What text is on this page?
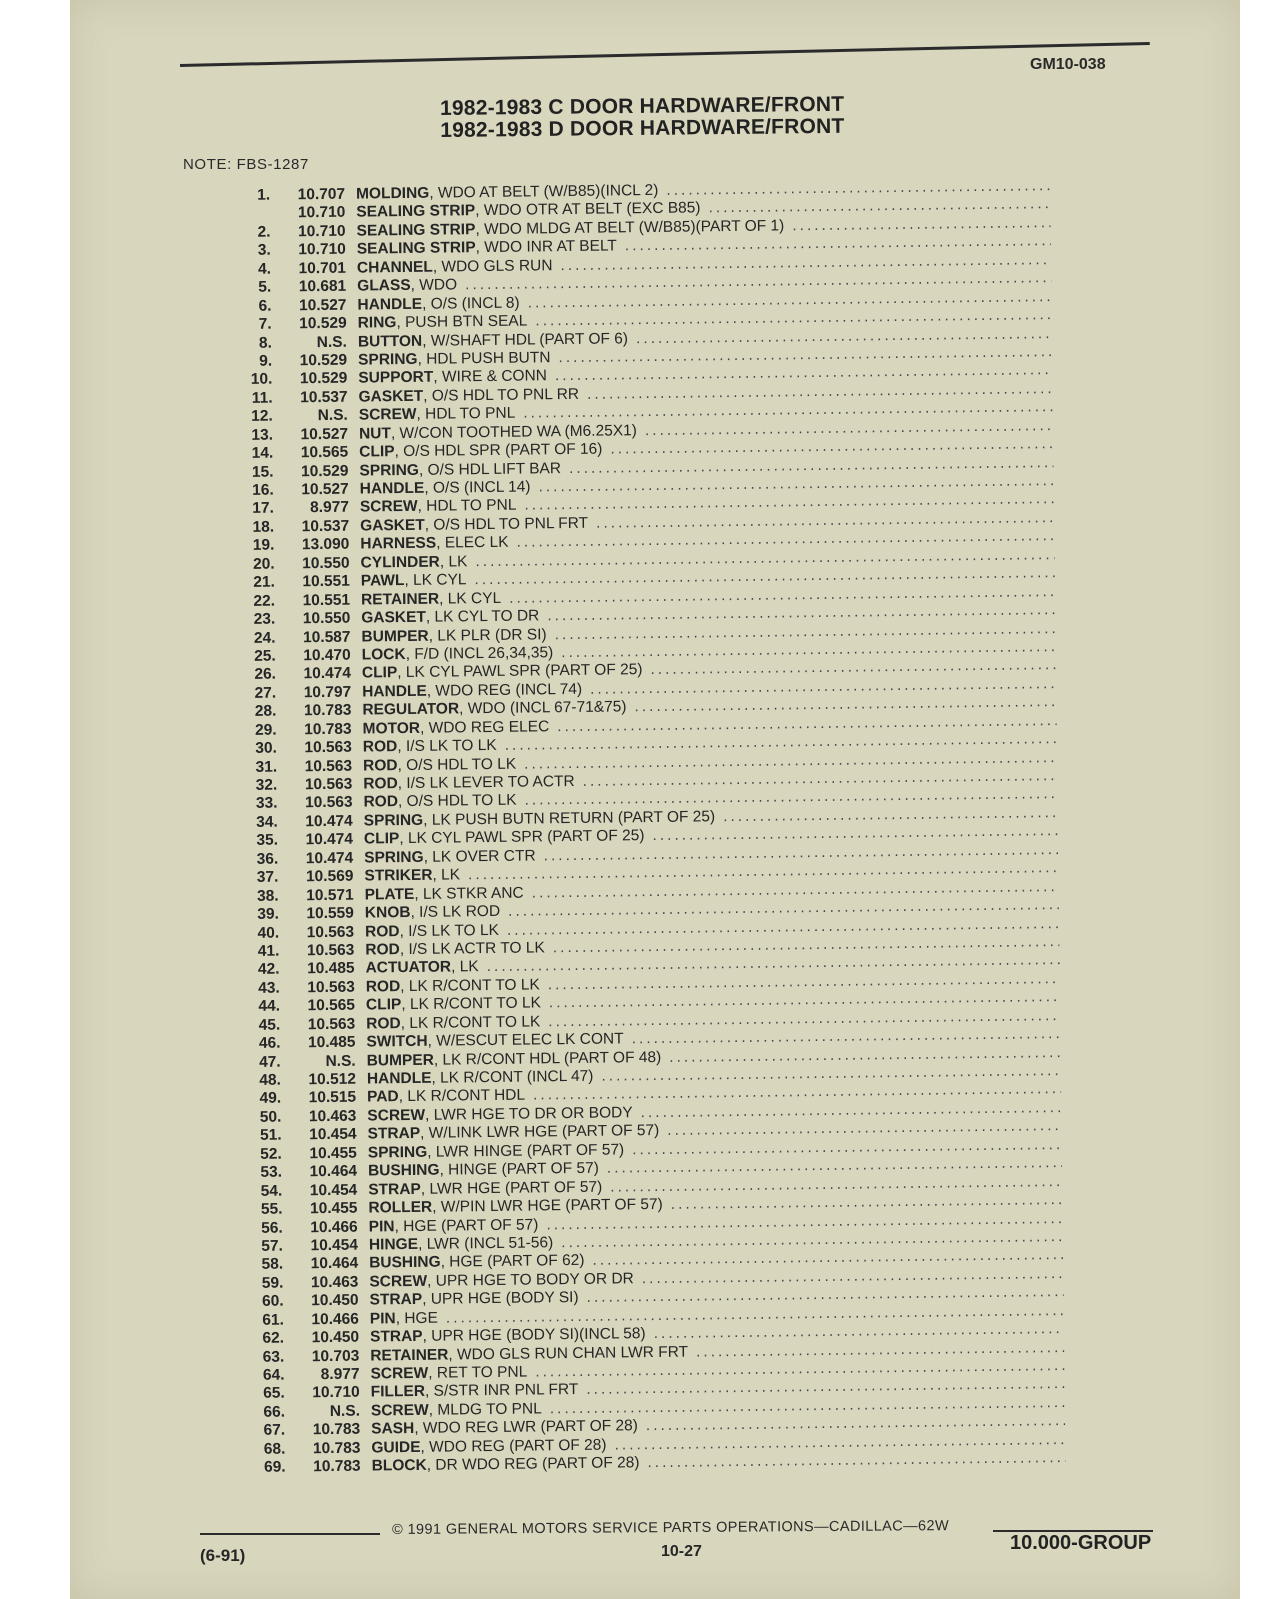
GM10-038
1982-1983 C DOOR HARDWARE/FRONT
1982-1983 D DOOR HARDWARE/FRONT
NOTE: FBS-1287
1.	10.707 MOLDING , WDO AT BELT (W/B85)(INCL 2)
.....
10.710 SEALING STRIP , WDO OTR AT BELT (EXC B85)
.....
2.	10.710 SEALING STRIP , WDO MLDG AT BELT (W/B85)(PART OF 1)
.....
3.	10.710 SEALING STRIP , WDO INR AT BELT
.....
4.	10.701 CHANNEL , WDO GLS RUN
.....
5.	10.681 GLASS , WDO
.....
6.	10.527 HANDLE , O/S (INCL 8)
.....
7.	10.529 RING , PUSH BTN SEAL
.....
8.	N.S. BUTTON , W/SHAFT HDL (PART OF 6)
.....
9.	10.529 SPRING , HDL PUSH BUTN
.....
10.	10.529 SUPPORT , WIRE & CONN
.....
11.	10.537 GASKET , O/S HDL TO PNL RR
.....
12.	N.S. SCREW , HDL TO PNL
.....
13.	10.527 NUT , W/CON TOOTHED WA (M6.25X1)
.....
14.	10.565 CLIP , O/S HDL SPR (PART OF 16)
.....
15.	10.529 SPRING , O/S HDL LIFT BAR
.....
16.	10.527 HANDLE , O/S (INCL 14)
.....
17.	8.977 SCREW , HDL TO PNL
.....
18.	10.537 GASKET , O/S HDL TO PNL FRT
.....
19.	13.090 HARNESS , ELEC LK
.....
20.	10.550 CYLINDER , LK
.....
21.	10.551 PAWL , LK CYL
.....
22.	10.551 RETAINER , LK CYL
.....
23.	10.550 GASKET , LK CYL TO DR
.....
24.	10.587 BUMPER , LK PLR (DR SI)
.....
25.	10.470 LOCK , F/D (INCL 26,34,35)
.....
26.	10.474 CLIP , LK CYL PAWL SPR (PART OF 25)
.....
27.	10.797 HANDLE , WDO REG (INCL 74)
.....
28.	10.783 REGULATOR , WDO (INCL 67-71&75)
.....
29.	10.783 MOTOR , WDO REG ELEC
.....
30.	10.563 ROD , I/S LK TO LK
.....
31.	10.563 ROD , O/S HDL TO LK
.....
32.	10.563 ROD , I/S LK LEVER TO ACTR
.....
33.	10.563 ROD , O/S HDL TO LK
.....
34.	10.474 SPRING , LK PUSH BUTN RETURN (PART OF 25)
.....
35.	10.474 CLIP , LK CYL PAWL SPR (PART OF 25)
.....
36.	10.474 SPRING , LK OVER CTR
.....
37.	10.569 STRIKER , LK
.....
38.	10.571 PLATE , LK STKR ANC
.....
39.	10.559 KNOB , I/S LK ROD
.....
40.	10.563 ROD , I/S LK TO LK
.....
41.	10.563 ROD , I/S LK ACTR TO LK
.....
42.	10.485 ACTUATOR , LK
.....
43.	10.563 ROD , LK R/CONT TO LK
.....
44.	10.565 CLIP , LK R/CONT TO LK
.....
45.	10.563 ROD , LK R/CONT TO LK
.....
46.	10.485 SWITCH , W/ESCUT ELEC LK CONT
.....
47.	N.S. BUMPER , LK R/CONT HDL (PART OF 48)
.....
48.	10.512 HANDLE , LK R/CONT (INCL 47)
.....
49.	10.515 PAD , LK R/CONT HDL
.....
50.	10.463 SCREW , LWR HGE TO DR OR BODY
.....
51.	10.454 STRAP , W/LINK LWR HGE (PART OF 57)
.....
52.	10.455 SPRING , LWR HINGE (PART OF 57)
.....
53.	10.464 BUSHING , HINGE (PART OF 57)
.....
54.	10.454 STRAP , LWR HGE (PART OF 57)
.....
55.	10.455 ROLLER , W/PIN LWR HGE (PART OF 57)
.....
56.	10.466 PIN , HGE (PART OF 57)
.....
57.	10.454 HINGE , LWR (INCL 51-56)
.....
58.	10.464 BUSHING , HGE (PART OF 62)
.....
59.	10.463 SCREW , UPR HGE TO BODY OR DR
.....
60.	10.450 STRAP , UPR HGE (BODY SI)
.....
61.	10.466 PIN , HGE
.....
62.	10.450 STRAP , UPR HGE (BODY SI)(INCL 58)
.....
63.	10.703 RETAINER , WDO GLS RUN CHAN LWR FRT
.....
64.	8.977 SCREW , RET TO PNL
.....
65.	10.710 FILLER , S/STR INR PNL FRT
.....
66.	N.S. SCREW , MLDG TO PNL
.....
67.	10.783 SASH , WDO REG LWR (PART OF 28)
.....
68.	10.783 GUIDE , WDO REG (PART OF 28)
.....
69.	10.783 BLOCK , DR WDO REG (PART OF 28)
.....
(6-91)
© 1991 GENERAL MOTORS SERVICE PARTS OPERATIONS—CADILLAC—62W
10-27	10.000-GROUP
